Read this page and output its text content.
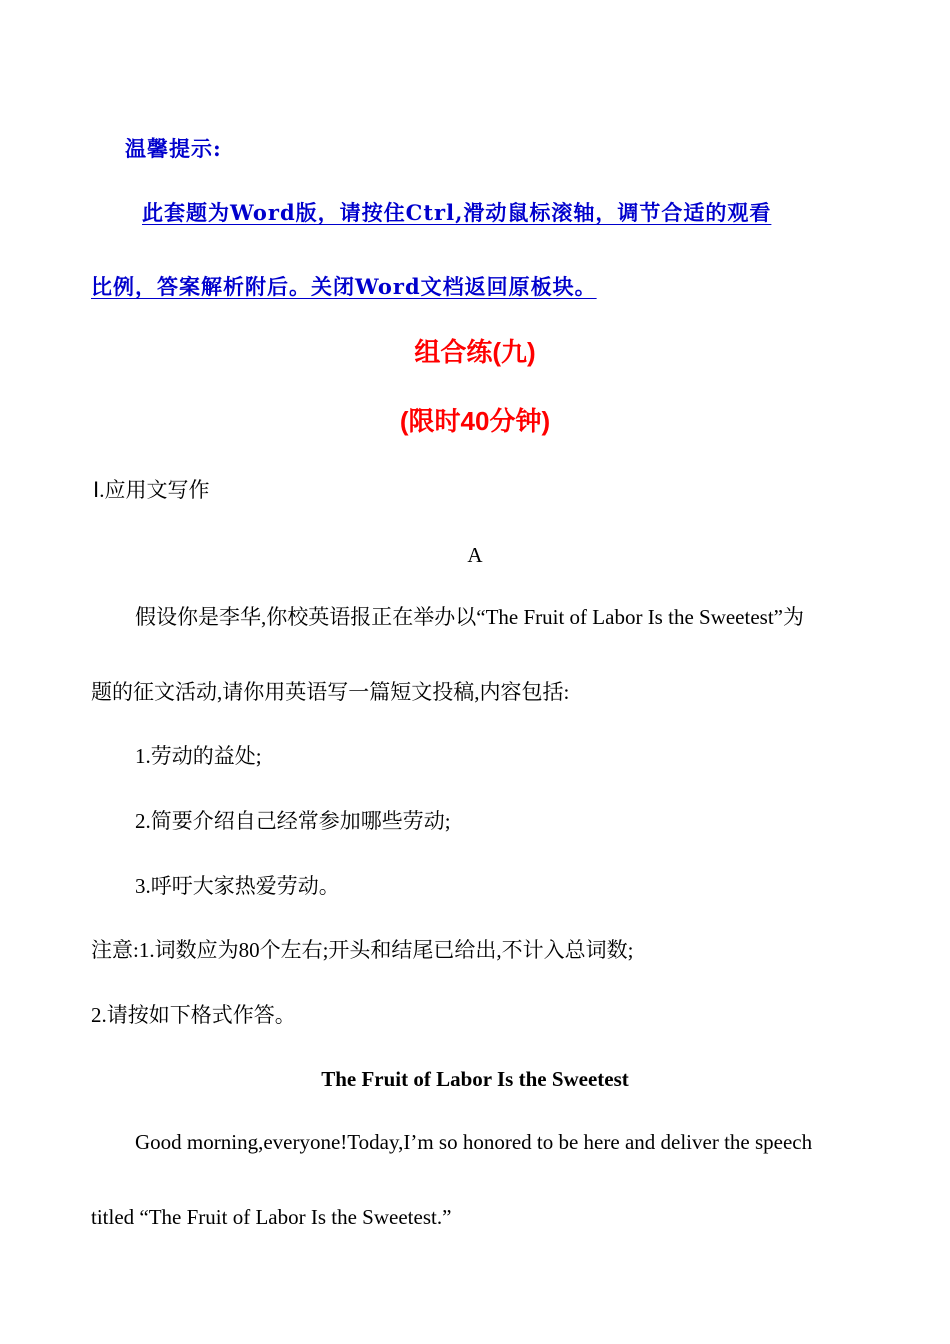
温馨提示:
此套题为Word版，请按住Ctrl,滑动鼠标滚轴，调节合适的观看
比例，答案解析附后。关闭Word文档返回原板块。
组合练(九)
(限时40分钟)
Ⅰ.应用文写作
A
假设你是李华,你校英语报正在举办以“The Fruit of Labor Is the Sweetest”为
题的征文活动,请你用英语写一篇短文投稿,内容包括:
1.劳动的益处;
2.简要介绍自己经常参加哪些劳动;
3.呼吁大家热爱劳动。
注意:1.词数应为80个左右;开头和结尾已给出,不计入总词数;
2.请按如下格式作答。
The Fruit of Labor Is the Sweetest
Good morning,everyone!Today,I’m so honored to be here and deliver the speech
titled “The Fruit of Labor Is the Sweetest.”
